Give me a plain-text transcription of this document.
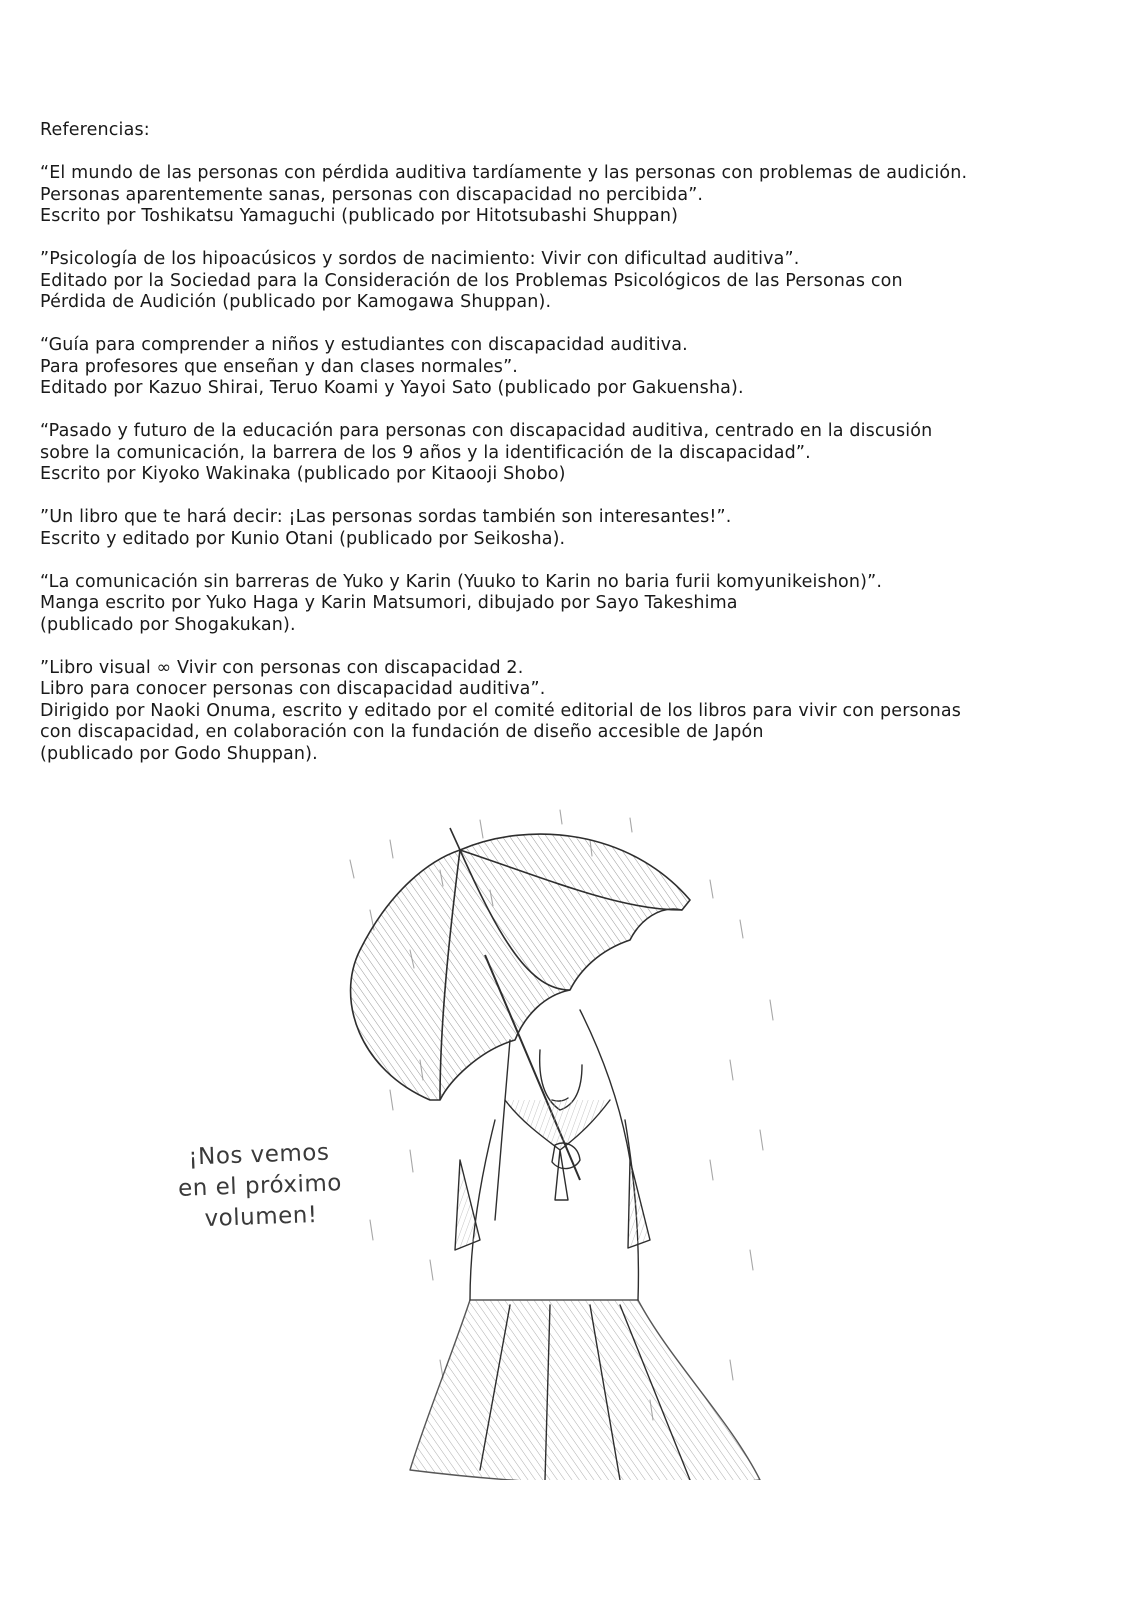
Referencias:
“El mundo de las personas con pérdida auditiva tardíamente y las personas con problemas de audición.
Personas aparentemente sanas, personas con discapacidad no percibida”.
Escrito por Toshikatsu Yamaguchi (publicado por Hitotsubashi Shuppan)
”Psicología de los hipoacúsicos y sordos de nacimiento: Vivir con dificultad auditiva”.
Editado por la Sociedad para la Consideración de los Problemas Psicológicos de las Personas con
Pérdida de Audición (publicado por Kamogawa Shuppan).
“Guía para comprender a niños y estudiantes con discapacidad auditiva.
Para profesores que enseñan y dan clases normales”.
Editado por Kazuo Shirai, Teruo Koami y Yayoi Sato (publicado por Gakuensha).
“Pasado y futuro de la educación para personas con discapacidad auditiva, centrado en la discusión
sobre la comunicación, la barrera de los 9 años y la identificación de la discapacidad”.
Escrito por Kiyoko Wakinaka (publicado por Kitaooji Shobo)
”Un libro que te hará decir: ¡Las personas sordas también son interesantes!”.
Escrito y editado por Kunio Otani (publicado por Seikosha).
“La comunicación sin barreras de Yuko y Karin (Yuuko to Karin no baria furii komyunikeishon)”.
Manga escrito por Yuko Haga y Karin Matsumori, dibujado por Sayo Takeshima
(publicado por Shogakukan).
”Libro visual ∞ Vivir con personas con discapacidad 2.
Libro para conocer personas con discapacidad auditiva”.
Dirigido por Naoki Onuma, escrito y editado por el comité editorial de los libros para vivir con personas
con discapacidad, en colaboración con la fundación de diseño accesible de Japón
(publicado por Godo Shuppan).
¡Nos vemos
en el próximo
volumen!
